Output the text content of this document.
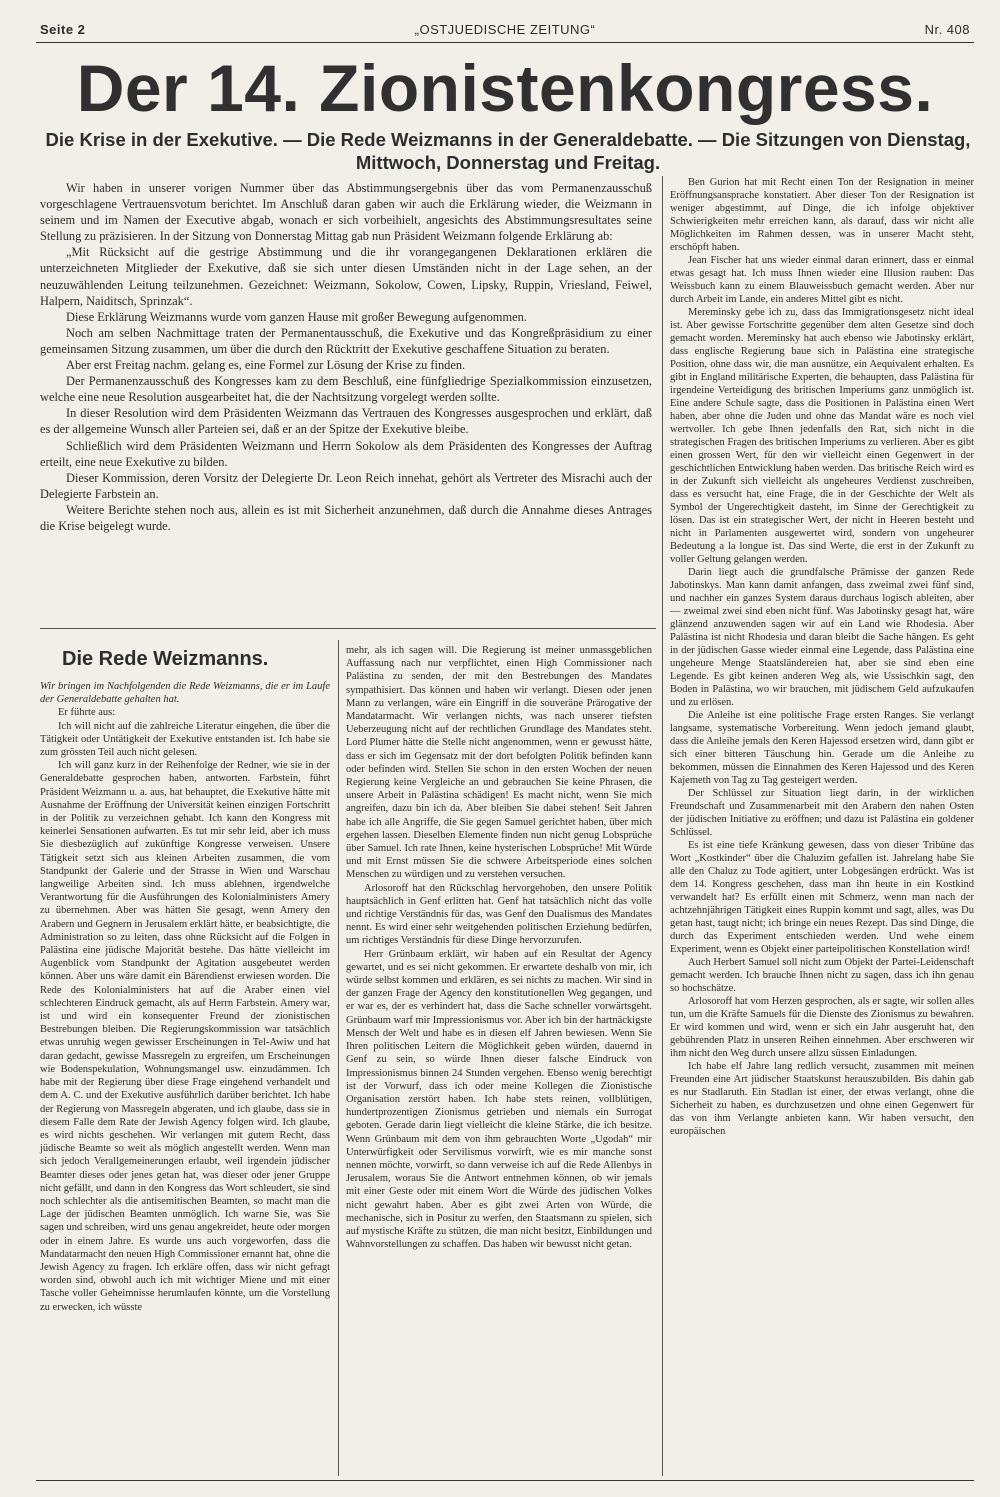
Seite 2	„OSTJUEDISCHE ZEITUNG“	Nr. 408
Der 14. Zionistenkongress.
Die Krise in der Exekutive. — Die Rede Weizmanns in der Generaldebatte. — Die Sitzungen von Dienstag, Mittwoch, Donnerstag und Freitag.

Wir haben in unserer vorigen Nummer über das Abstimmungsergebnis über das vom Permanenzausschuß vorgeschlagene Vertrauensvotum berichtet. Im Anschluß daran gaben wir auch die Erklärung wieder, die Weizmann in seinem und im Namen der Executive abgab, wonach er sich vorbeihielt, angesichts des Abstimmungsresultates seine Stellung zu präzisieren. In der Sitzung von Donnerstag Mittag gab nun Präsident Weizmann folgende Erklärung ab:

„Mit Rücksicht auf die gestrige Abstimmung und die ihr vorangegangenen Deklarationen erklären die unterzeichneten Mitglieder der Exekutive, daß sie sich unter diesen Umständen nicht in der Lage sehen, an der neuzuwählenden Leitung teilzunehmen. Gezeichnet: Weizmann, Sokolow, Cowen, Lipsky, Ruppin, Vriesland, Feiwel, Halpern, Naiditsch, Sprinzak“.

Diese Erklärung Weizmanns wurde vom ganzen Hause mit großer Bewegung aufgenommen.

Noch am selben Nachmittage traten der Permanentausschuß, die Exekutive und das Kongreßpräsidium zu einer gemeinsamen Sitzung zusammen, um über die durch den Rücktritt der Exekutive geschaffene Situation zu beraten.

Aber erst Freitag nachm. gelang es, eine Formel zur Lösung der Krise zu finden.

Der Permanenzausschuß des Kongresses kam zu dem Beschluß, eine fünfgliedrige Spezialkommission einzusetzen, welche eine neue Resolution ausgearbeitet hat, die der Nachtsitzung vorgelegt werden sollte.

In dieser Resolution wird dem Präsidenten Weizmann das Vertrauen des Kongresses ausgesprochen und erklärt, daß es der allgemeine Wunsch aller Parteien sei, daß er an der Spitze der Exekutive bleibe.

Schließlich wird dem Präsidenten Weizmann und Herrn Sokolow als dem Präsidenten des Kongresses der Auftrag erteilt, eine neue Exekutive zu bilden.

Dieser Kommission, deren Vorsitz der Delegierte Dr. Leon Reich innehat, gehört als Vertreter des Misrachi auch der Delegierte Farbstein an.

Weitere Berichte stehen noch aus, allein es ist mit Sicherheit anzunehmen, daß durch die Annahme dieses Antrages die Krise beigelegt wurde.

Die Rede Weizmanns.

Wir bringen im Nachfolgenden die Rede Weizmanns, die er im Laufe der Generaldebatte gehalten hat.

Er führte aus:

Ich will nicht auf die zahlreiche Literatur eingehen, die über die Tätigkeit oder Untätigkeit der Exekutive entstanden ist. Ich habe sie zum grössten Teil auch nicht gelesen.

Ich will ganz kurz in der Reihenfolge der Redner, wie sie in der Generaldebatte gesprochen haben, antworten. Farbstein, führt Präsident Weizmann u. a. aus, hat behauptet, die Exekutive hätte mit Ausnahme der Eröffnung der Universität keinen einzigen Fortschritt in der Politik zu verzeichnen gehabt. Ich kann den Kongress mit keinerlei Sensationen aufwarten. Es tut mir sehr leid, aber ich muss Sie diesbezüglich auf zukünftige Kongresse verweisen. Unsere Tätigkeit setzt sich aus kleinen Arbeiten zusammen, die vom Standpunkt der Galerie und der Strasse in Wien und Warschau langweilige Arbeiten sind. Ich muss ablehnen, irgendwelche Verantwortung für die Ausführungen des Kolonialministers Amery zu übernehmen. Aber was hätten Sie gesagt, wenn Amery den Arabern und Gegnern in Jerusalem erklärt hätte, er beabsichtigte, die Administration so zu leiten, dass ohne Rücksicht auf die Folgen in Palästina eine jüdische Majorität bestehe. Das hätte vielleicht im Augenblick vom Standpunkt der Agitation ausgebeutet werden können. Aber uns wäre damit ein Bärendienst erwiesen worden. Die Rede des Kolonialministers hat auf die Araber einen viel schlechteren Eindruck gemacht, als auf Herrn Farbstein. Amery war, ist und wird ein konsequenter Freund der zionistischen Bestrebungen bleiben. Die Regierungskommission war tatsächlich etwas unruhig wegen gewisser Erscheinungen in Tel-Awiw und hat daran gedacht, gewisse Massregeln zu ergreifen, um Erscheinungen wie Bodenspekulation, Wohnungsmangel usw. einzudämmen. Ich habe mit der Regierung über diese Frage eingehend verhandelt und dem A. C. und der Exekutive ausführlich darüber berichtet. Ich habe der Regierung von Massregeln abgeraten, und ich glaube, dass sie in diesem Falle dem Rate der Jewish Agency folgen wird. Ich glaube, es wird nichts geschehen. Wir verlangen mit gutem Recht, dass jüdische Beamte so weit als möglich angestellt werden. Wenn man sich jedoch Verallgemeinerungen erlaubt, weil irgendein jüdischer Beamter dieses oder jenes getan hat, was dieser oder jener Gruppe nicht gefällt, und dann in den Kongress das Wort schleudert, sie sind noch schlechter als die antisemitischen Beamten, so macht man die Lage der jüdischen Beamten unmöglich. Ich warne Sie, was Sie sagen und schreiben, wird uns genau angekreidet, heute oder morgen oder in einem Jahre. Es wurde uns auch vorgeworfen, dass die Mandatarmacht den neuen High Commissioner ernannt hat, ohne die Jewish Agency zu fragen. Ich erkläre offen, dass wir nicht gefragt worden sind, obwohl auch ich mit wichtiger Miene und mit einer Tasche voller Geheimnisse herumlaufen könnte, um die Vorstellung zu erwecken, ich wüsste

mehr, als ich sagen will. Die Regierung ist meiner unmassgeblichen Auffassung nach nur verpflichtet, einen High Commissioner nach Palästina zu senden, der mit den Bestrebungen des Mandates sympathisiert. Das können und haben wir verlangt. Diesen oder jenen Mann zu verlangen, wäre ein Eingriff in die souveräne Prärogative der Mandatarmacht. Wir verlangen nichts, was nach unserer tiefsten Ueberzeugung nicht auf der rechtlichen Grundlage des Mandates steht. Lord Plumer hätte die Stelle nicht angenommen, wenn er gewusst hätte, dass er sich im Gegensatz mit der dort befolgten Politik befinden kann oder befinden wird. Stellen Sie schon in den ersten Wochen der neuen Regierung keine Vergleiche an und gebrauchen Sie keine Phrasen, die unsere Arbeit in Palästina schädigen! Es macht nicht, wenn Sie mich angreifen, dazu bin ich da. Aber bleiben Sie dabei stehen! Seit Jahren habe ich alle Angriffe, die Sie gegen Samuel gerichtet haben, über mich ergehen lassen. Dieselben Elemente finden nun nicht genug Lobsprüche über Samuel. Ich rate Ihnen, keine hysterischen Lobsprüche! Mit Würde und mit Ernst müssen Sie die schwere Arbeitsperiode eines solchen Menschen zu würdigen und zu verstehen versuchen.

Arlosoroff hat den Rückschlag hervorgehoben, den unsere Politik hauptsächlich in Genf erlitten hat. Genf hat tatsächlich nicht das volle und richtige Verständnis für das, was Genf den Dualismus des Mandates nennt. Es wird einer sehr weitgehenden politischen Erziehung bedürfen, um richtiges Verständnis für diese Dinge hervorzurufen.

Herr Grünbaum erklärt, wir haben auf ein Resultat der Agency gewartet, und es sei nicht gekommen. Er erwartete deshalb von mir, ich würde selbst kommen und erklären, es sei nichts zu machen. Wir sind in der ganzen Frage der Agency den konstitutionellen Weg gegangen, und er war es, der es verhindert hat, dass die Sache schneller vorwärtsgeht. Grünbaum warf mir Impressionismus vor. Aber ich bin der hartnäckigste Mensch der Welt und habe es in diesen elf Jahren bewiesen. Wenn Sie Ihren politischen Leitern die Möglichkeit geben würden, dauernd in Genf zu sein, so würde Ihnen dieser falsche Eindruck von Impressionismus binnen 24 Stunden vergehen. Ebenso wenig berechtigt ist der Vorwurf, dass ich oder meine Kollegen die Zionistische Organisation zerstört haben. Ich habe stets reinen, vollblütigen, hundertprozentigen Zionismus getrieben und niemals ein Surrogat geboten. Gerade darin liegt vielleicht die kleine Stärke, die ich besitze. Wenn Grünbaum mit dem von ihm gebrauchten Worte „Ugodah“ mir Unterwürfigkeit oder Servilismus vorwirft, wie es mir manche sonst nennen möchte, vorwirft, so dann verweise ich auf die Rede Allenbys in Jerusalem, woraus Sie die Antwort entnehmen können, ob wir jemals mit einer Geste oder mit einem Wort die Würde des jüdischen Volkes nicht gewahrt haben. Aber es gibt zwei Arten von Würde, die mechanische, sich in Positur zu werfen, den Staatsmann zu spielen, sich auf mystische Kräfte zu stützen, die man nicht besitzt, Einbildungen und Wahnvorstellungen zu schaffen. Das haben wir bewusst nicht getan.

Ben Gurion hat mit Recht einen Ton der Resignation in meiner Eröffnungsansprache konstatiert. Aber dieser Ton der Resignation ist weniger abgestimmt, auf Dinge, die ich infolge objektiver Schwierigkeiten mehr erreichen kann, als darauf, dass wir nicht alle Möglichkeiten im Rahmen dessen, was in unserer Macht steht, erschöpft haben.

Jean Fischer hat uns wieder einmal daran erinnert, dass er einmal etwas gesagt hat. Ich muss Ihnen wieder eine Illusion rauben: Das Weissbuch kann zu einem Blauweissbuch gemacht werden. Aber nur durch Arbeit im Lande, ein anderes Mittel gibt es nicht.

Mereminsky gebe ich zu, dass das Immigrationsgesetz nicht ideal ist. Aber gewisse Fortschritte gegenüber dem alten Gesetze sind doch gemacht worden. Mereminsky hat auch ebenso wie Jabotinsky erklärt, dass englische Regierung baue sich in Palästina eine strategische Position, ohne dass wir, die man ausnütze, ein Aequivalent erhalten. Es gibt in England militärische Experten, die behaupten, dass Palästina für irgendeine Verteidigung des britischen Imperiums ganz unmöglich ist. Eine andere Schule sagte, dass die Positionen in Palästina einen Wert haben, aber ohne die Juden und ohne das Mandat wäre es noch viel wertvoller. Ich gebe Ihnen jedenfalls den Rat, sich nicht in die strategischen Fragen des britischen Imperiums zu verlieren. Aber es gibt einen grossen Wert, für den wir vielleicht einen Gegenwert in der geschichtlichen Entwicklung haben werden. Das britische Reich wird es in der Zukunft sich vielleicht als ungeheures Verdienst zuschreiben, dass es versucht hat, eine Frage, die in der Geschichte der Welt als Symbol der Ungerechtigkeit dasteht, im Sinne der Gerechtigkeit zu lösen. Das ist ein strategischer Wert, der nicht in Heeren besteht und nicht in Parlamenten ausgewertet wird, sondern von ungeheurer Bedeutung a la longue ist. Das sind Werte, die erst in der Zukunft zu voller Geltung gelangen werden.

Darin liegt auch die grundfalsche Prämisse der ganzen Rede Jabotinskys. Man kann damit anfangen, dass zweimal zwei fünf sind, und nachher ein ganzes System daraus durchaus logisch ableiten, aber — zweimal zwei sind eben nicht fünf. Was Jabotinsky gesagt hat, wäre glänzend anzuwenden sagen wir auf ein Land wie Rhodesia. Aber Palästina ist nicht Rhodesia und daran bleibt die Sache hängen. Es geht in der jüdischen Gasse wieder einmal eine Legende, dass Palästina eine ungeheure Menge Staatsländereien hat, aber sie sind eben eine Legende. Es gibt keinen anderen Weg als, wie Ussischkin sagt, den Boden in Palästina, wo wir brauchen, mit jüdischem Geld aufzukaufen und zu erlösen.

Die Anleihe ist eine politische Frage ersten Ranges. Sie verlangt langsame, systematische Vorbereitung. Wenn jedoch jemand glaubt, dass die Anleihe jemals den Keren Hajessod ersetzen wird, dann gibt er sich einer bitteren Täuschung hin. Gerade um die Anleihe zu bekommen, müssen die Einnahmen des Keren Hajessod und des Keren Kajemeth von Tag zu Tag gesteigert werden.

Der Schlüssel zur Situation liegt darin, in der wirklichen Freundschaft und Zusammenarbeit mit den Arabern den nahen Osten der jüdischen Initiative zu eröffnen; und dazu ist Palästina ein goldener Schlüssel.

Es ist eine tiefe Kränkung gewesen, dass von dieser Tribüne das Wort „Kostkinder“ über die Chaluzim gefallen ist. Jahrelang habe Sie alle den Chaluz zu Tode agitiert, unter Lobgesängen erdrückt. Was ist dem 14. Kongress geschehen, dass man ihn heute in ein Kostkind verwandelt hat? Es erfüllt einen mit Schmerz, wenn man nach der achtzehnjährigen Tätigkeit eines Ruppin kommt und sagt, alles, was Du getan hast, taugt nicht; ich bringe ein neues Rezept. Das sind Dinge, die durch das Experiment entschieden werden. Und wehe einem Experiment, wenn es Objekt einer parteipolitischen Konstellation wird!

Auch Herbert Samuel soll nicht zum Objekt der Partei-Leidenschaft gemacht werden. Ich brauche Ihnen nicht zu sagen, dass ich ihn genau so hochschätze.

Arlosoroff hat vom Herzen gesprochen, als er sagte, wir sollen alles tun, um die Kräfte Samuels für die Dienste des Zionismus zu bewahren. Er wird kommen und wird, wenn er sich ein Jahr ausgeruht hat, den gebührenden Platz in unseren Reihen einnehmen. Aber erschweren wir ihm nicht den Weg durch unsere allzu süssen Einladungen.

Ich habe elf Jahre lang redlich versucht, zusammen mit meinen Freunden eine Art jüdischer Staatskunst herauszubilden. Bis dahin gab es nur Stadlaruth. Ein Stadlan ist einer, der etwas verlangt, ohne die Sicherheit zu haben, es durchzusetzen und ohne einen Gegenwert für das von ihm Verlangte anbieten kann. Wir haben versucht, den europäischen
